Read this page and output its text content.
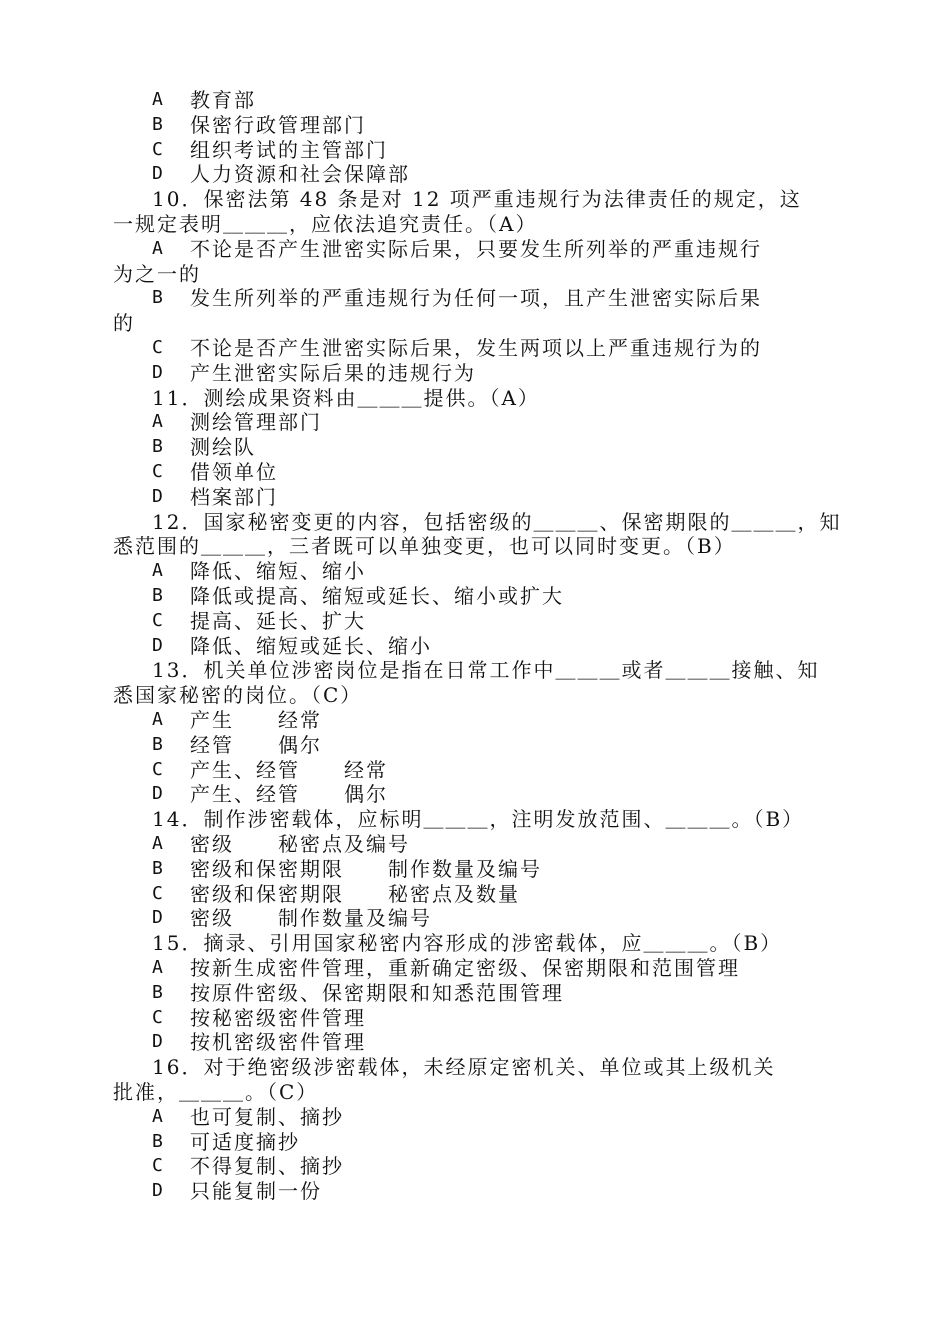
A 教育部
B 保密行政管理部门
C 组织考试的主管部门
D 人力资源和社会保障部
10．保密法第 48 条是对 12 项严重违规行为法律责任的规定，这
一规定表明＿＿＿，应依法追究责任。（A）
A 不论是否产生泄密实际后果，只要发生所列举的严重违规行
为之一的
B 发生所列举的严重违规行为任何一项，且产生泄密实际后果
的
C 不论是否产生泄密实际后果，发生两项以上严重违规行为的
D 产生泄密实际后果的违规行为
11．测绘成果资料由＿＿＿提供。（A）
A 测绘管理部门
B 测绘队
C 借领单位
D 档案部门
12．国家秘密变更的内容，包括密级的＿＿＿、保密期限的＿＿＿，知
悉范围的＿＿＿，三者既可以单独变更，也可以同时变更。（B）
A 降低、缩短、缩小
B 降低或提高、缩短或延长、缩小或扩大
C 提高、延长、扩大
D 降低、缩短或延长、缩小
13．机关单位涉密岗位是指在日常工作中＿＿＿或者＿＿＿接触、知
悉国家秘密的岗位。（C）
A 产生　　经常
B 经管　　偶尔
C 产生、经管　　经常
D 产生、经管　　偶尔
14．制作涉密载体，应标明＿＿＿，注明发放范围、＿＿＿。（B）
A 密级　　秘密点及编号
B 密级和保密期限　　制作数量及编号
C 密级和保密期限　　秘密点及数量
D 密级　　制作数量及编号
15．摘录、引用国家秘密内容形成的涉密载体，应＿＿＿。（B）
A 按新生成密件管理，重新确定密级、保密期限和范围管理
B 按原件密级、保密期限和知悉范围管理
C 按秘密级密件管理
D 按机密级密件管理
16．对于绝密级涉密载体，未经原定密机关、单位或其上级机关
批准，＿＿＿。（C）
A 也可复制、摘抄
B 可适度摘抄
C 不得复制、摘抄
D 只能复制一份
